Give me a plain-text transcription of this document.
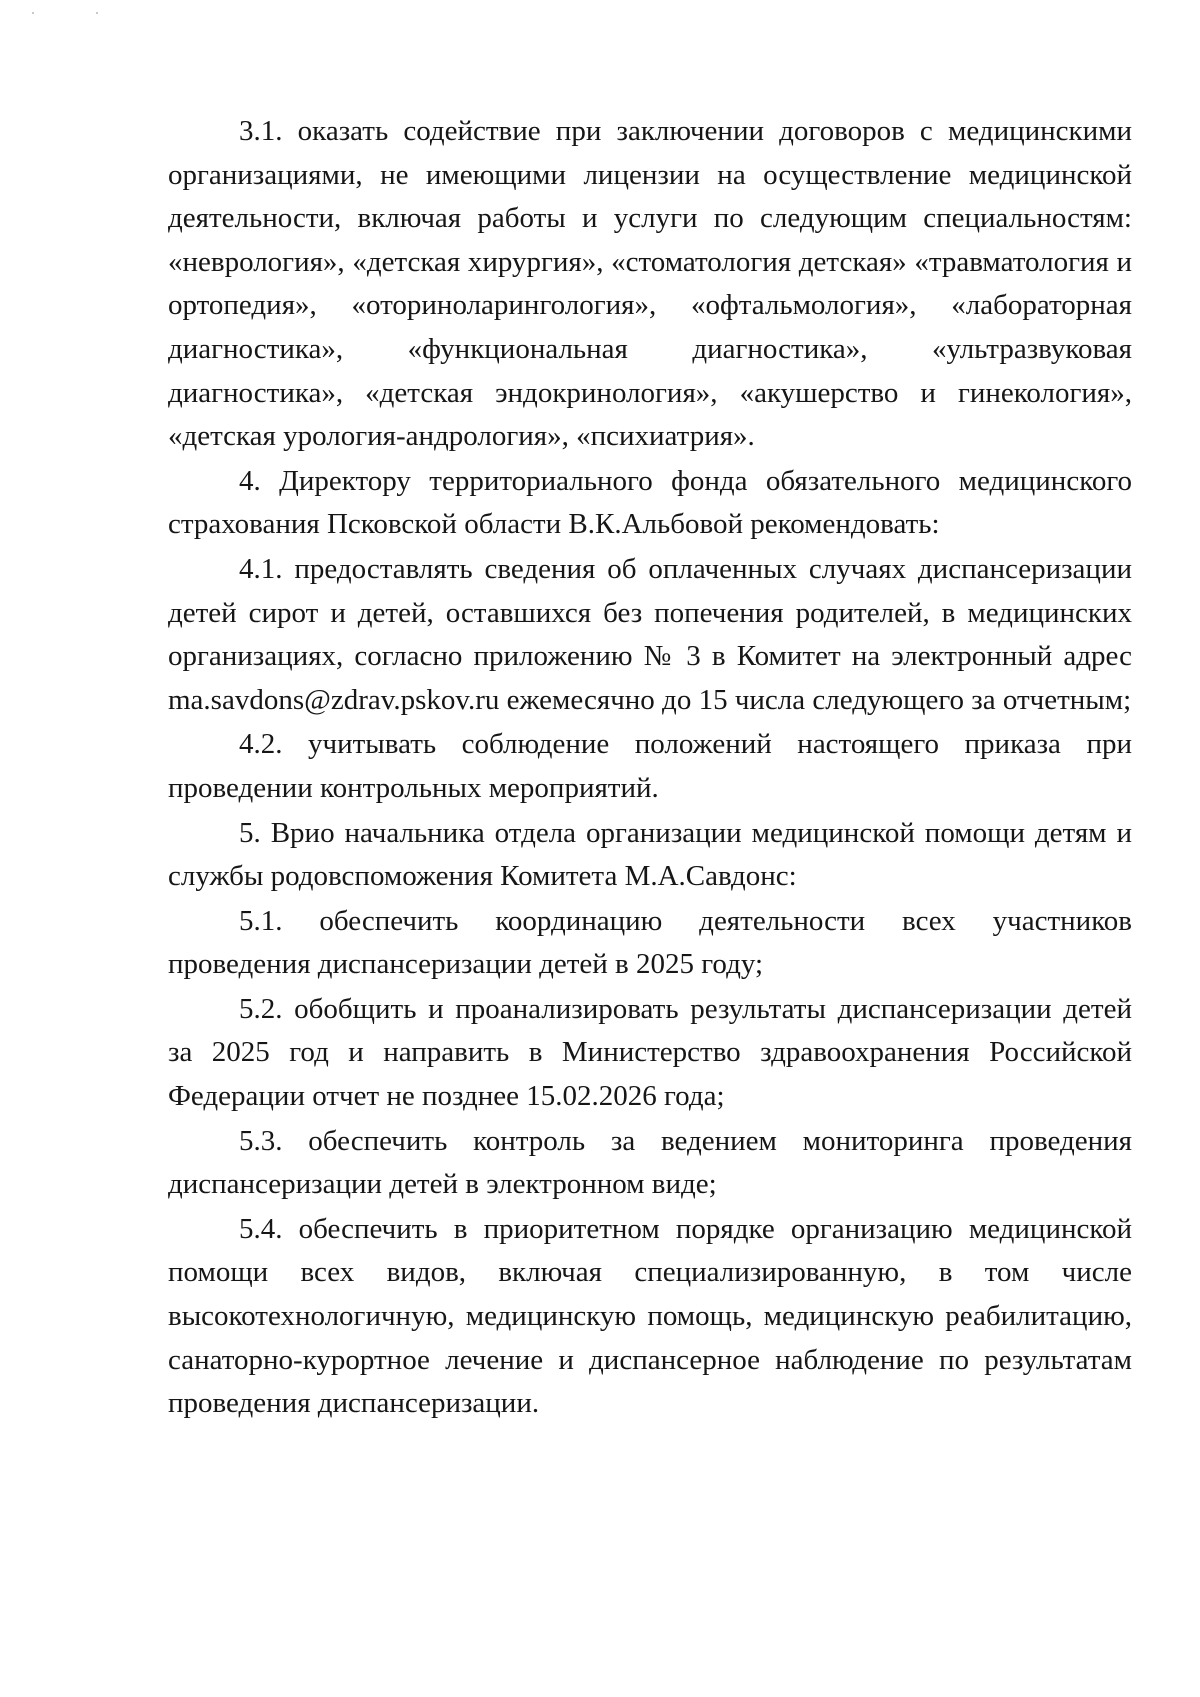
3.1. оказать содействие при заключении договоров с медицинскими организациями, не имеющими лицензии на осуществление медицинской деятельности, включая работы и услуги по следующим специальностям: «неврология», «детская хирургия», «стоматология детская» «травматология и ортопедия», «оториноларингология», «офтальмология», «лабораторная диагностика», «функциональная диагностика», «ультразвуковая диагностика», «детская эндокринология», «акушерство и гинекология», «детская урология-андрология», «психиатрия».

4. Директору территориального фонда обязательного медицинского страхования Псковской области В.К.Альбовой рекомендовать:

4.1. предоставлять сведения об оплаченных случаях диспансеризации детей сирот и детей, оставшихся без попечения родителей, в медицинских организациях, согласно приложению № 3 в Комитет на электронный адрес ma.savdons@zdrav.pskov.ru ежемесячно до 15 числа следующего за отчетным;

4.2. учитывать соблюдение положений настоящего приказа при проведении контрольных мероприятий.

5. Врио начальника отдела организации медицинской помощи детям и службы родовспоможения Комитета М.А.Савдонс:

5.1. обеспечить координацию деятельности всех участников проведения диспансеризации детей в 2025 году;

5.2. обобщить и проанализировать результаты диспансеризации детей за 2025 год и направить в Министерство здравоохранения Российской Федерации отчет не позднее 15.02.2026 года;

5.3. обеспечить контроль за ведением мониторинга проведения диспансеризации детей в электронном виде;

5.4. обеспечить в приоритетном порядке организацию медицинской помощи всех видов, включая специализированную, в том числе высокотехнологичную, медицинскую помощь, медицинскую реабилитацию, санаторно-курортное лечение и диспансерное наблюдение по результатам проведения диспансеризации.
